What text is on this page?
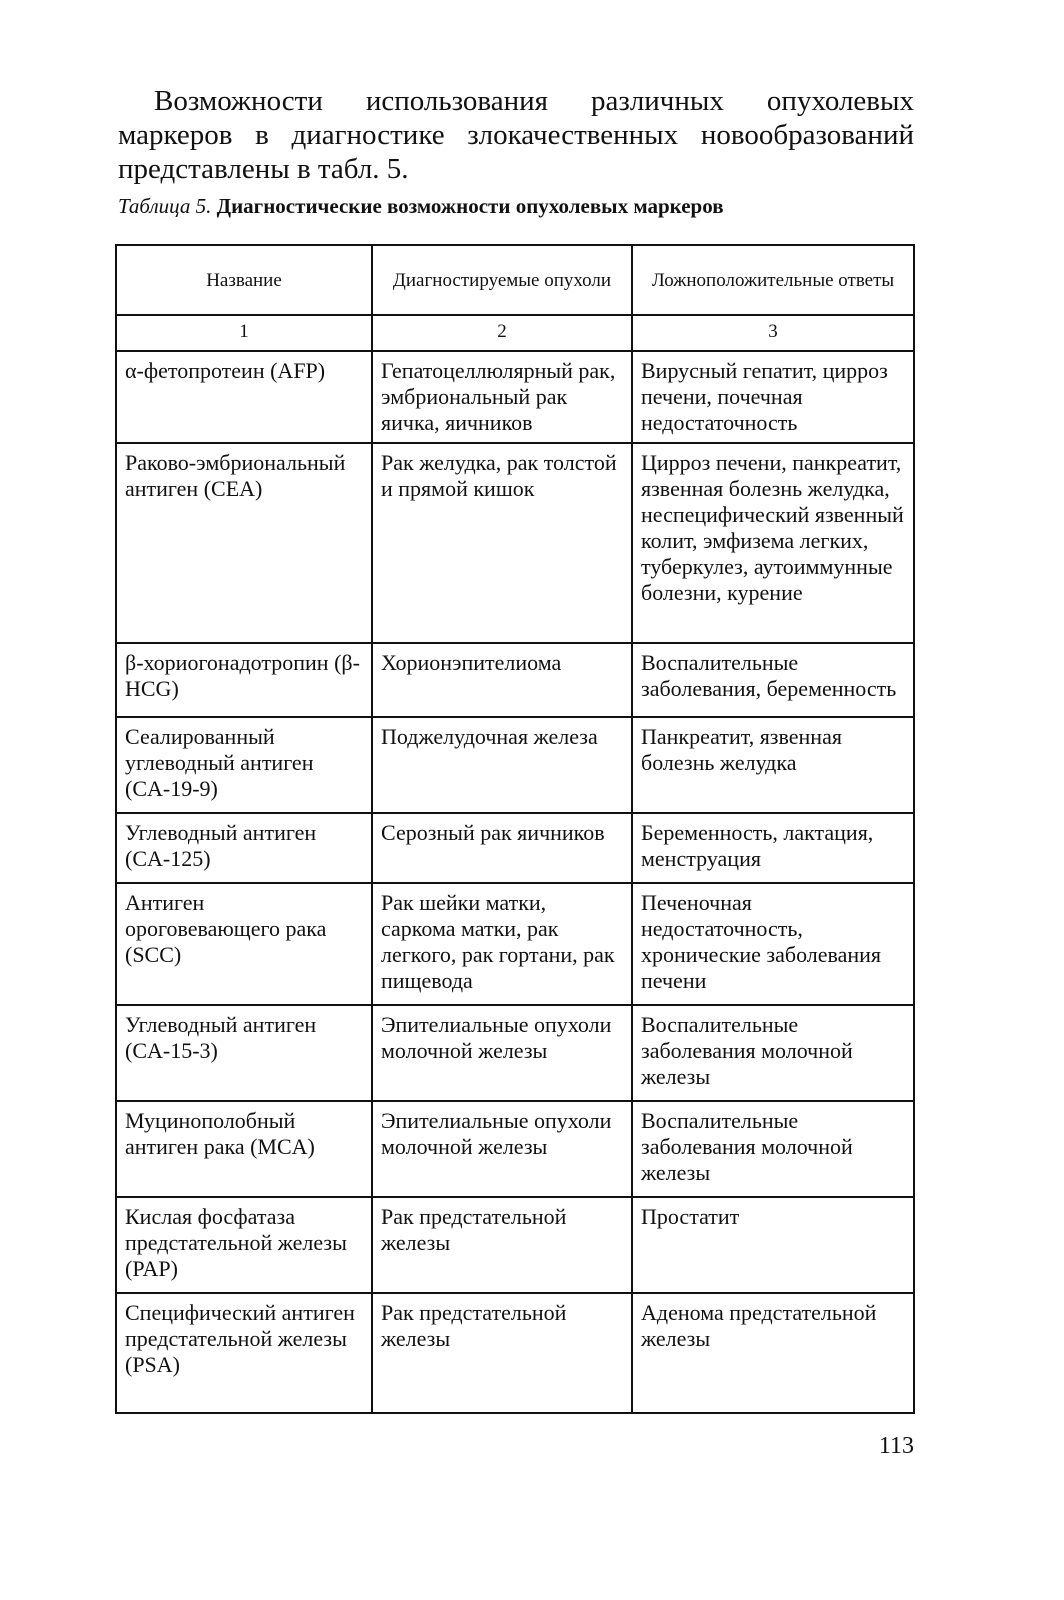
Возможности использования различных опухолевых маркеров в диагностике злокачественных новообразований представлены в табл. 5.

Таблица 5. Диагностические возможности опухолевых маркеров

Название	Диагностируемые опухоли	Ложноположительные ответы
1	2	3
α-фетопротеин (AFP)	Гепатоцеллюлярный рак, эмбриональный рак яичка, яичников	Вирусный гепатит, цирроз печени, почечная недостаточность
Раково-эмбриональный антиген (CEA)	Рак желудка, рак толстой и прямой кишок	Цирроз печени, панкреатит, язвенная болезнь желудка, неспецифический язвенный колит, эмфизема легких, туберкулез, аутоиммунные болезни, курение
β-хориогонадотропин (β-HCG)	Хорионэпителиома	Воспалительные заболевания, беременность
Сеалированный углеводный антиген (CA-19-9)	Поджелудочная железа	Панкреатит, язвенная болезнь желудка
Углеводный антиген (CA-125)	Серозный рак яичников	Беременность, лактация, менструация
Антиген ороговевающего рака (SCC)	Рак шейки матки, саркома матки, рак легкого, рак гортани, рак пищевода	Печеночная недостаточность, хронические заболевания печени
Углеводный антиген (CA-15-3)	Эпителиальные опухоли молочной железы	Воспалительные заболевания молочной железы
Муцинополобный антиген рака (MCA)	Эпителиальные опухоли молочной железы	Воспалительные заболевания молочной железы
Кислая фосфатаза предстательной железы (PAP)	Рак предстательной железы	Простатит
Специфический антиген предстательной железы (PSA)	Рак предстательной железы	Аденома предстательной железы
113
